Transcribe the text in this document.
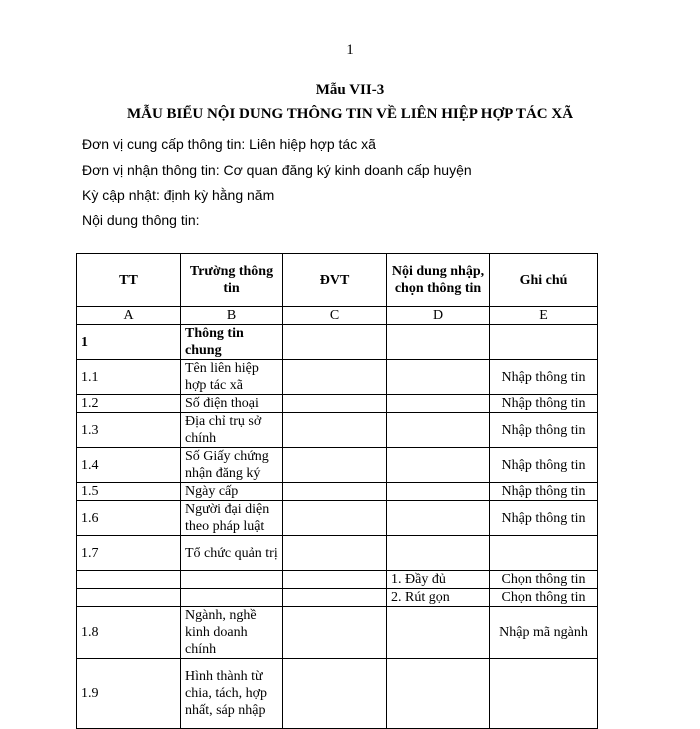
1
Mẫu VII-3
MẪU BIỂU NỘI DUNG THÔNG TIN VỀ LIÊN HIỆP HỢP TÁC XÃ
Đơn vị cung cấp thông tin: Liên hiệp hợp tác xã
Đơn vị nhận thông tin: Cơ quan đăng ký kinh doanh cấp huyện
Kỳ cập nhật: định kỳ hằng năm
Nội dung thông tin:
TT	Trường thông tin	ĐVT	Nội dung nhập, chọn thông tin	Ghi chú
A	B	C	D	E
1	Thông tin chung			
1.1	Tên liên hiệp hợp tác xã			Nhập thông tin
1.2	Số điện thoại			Nhập thông tin
1.3	Địa chỉ trụ sở chính			Nhập thông tin
1.4	Số Giấy chứng nhận đăng ký			Nhập thông tin
1.5	Ngày cấp			Nhập thông tin
1.6	Người đại diện theo pháp luật			Nhập thông tin
1.7	Tổ chức quản trị			
			1. Đầy đủ	Chọn thông tin
			2. Rút gọn	Chọn thông tin
1.8	Ngành, nghề kinh doanh chính			Nhập mã ngành
1.9	Hình thành từ chia, tách, hợp nhất, sáp nhập			
